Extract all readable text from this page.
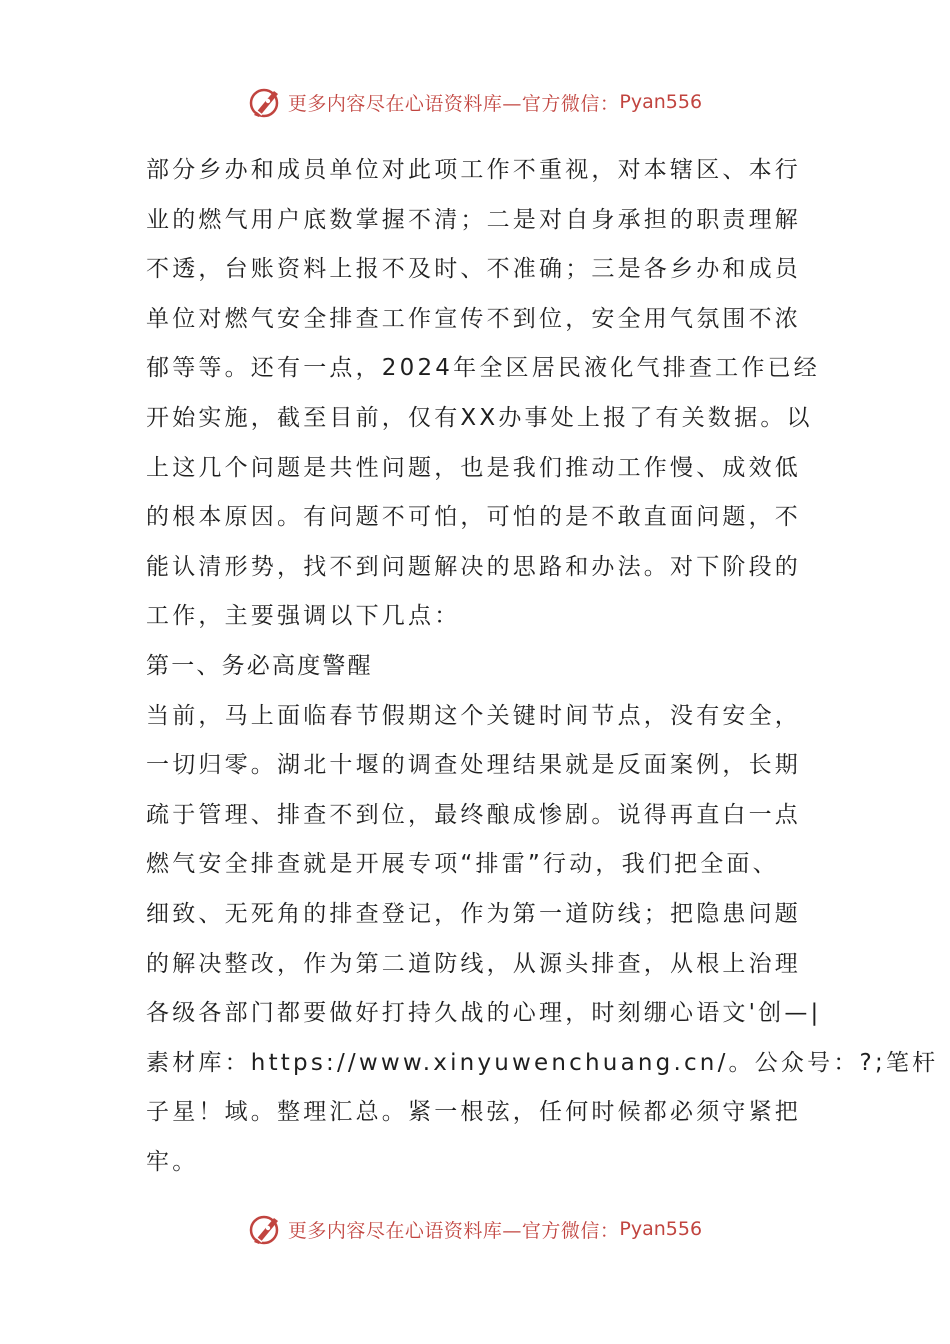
更多内容尽在心语资料库—官方微信： Pyan556
部分乡办和成员单位对此项工作不重视，对本辖区、本行
业的燃气用户底数掌握不清；二是对自身承担的职责理解
不透，台账资料上报不及时、不准确；三是各乡办和成员
单位对燃气安全排查工作宣传不到位，安全用气氛围不浓
郁等等。还有一点，2024年全区居民液化气排查工作已经
开始实施，截至目前，仅有XX办事处上报了有关数据。以
上这几个问题是共性问题，也是我们推动工作慢、成效低
的根本原因。有问题不可怕，可怕的是不敢直面问题，不
能认清形势，找不到问题解决的思路和办法。对下阶段的
工作，主要强调以下几点：
第一、务必高度警醒
当前，马上面临春节假期这个关键时间节点，没有安全，
一切归零。湖北十堰的调查处理结果就是反面案例，长期
疏于管理、排查不到位，最终酿成惨剧。说得再直白一点
燃气安全排查就是开展专项“排雷”行动，我们把全面、
细致、无死角的排查登记，作为第一道防线；把隐患问题
的解决整改，作为第二道防线，从源头排查，从根上治理
各级各部门都要做好打持久战的心理，时刻绷心语文'创—|
素材库：https://www.xinyuwenchuang.cn/。公众号：?;笔杆
子星！域。整理汇总。紧一根弦，任何时候都必须守紧把
牢。
更多内容尽在心语资料库—官方微信： Pyan556
